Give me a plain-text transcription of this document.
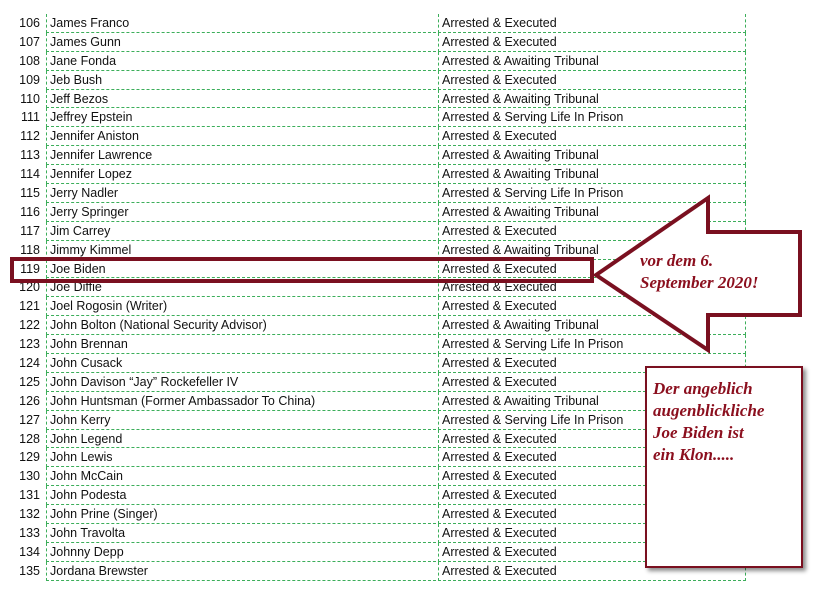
106 James Franco	Arrested & Executed
107 James Gunn	Arrested & Executed
108 Jane Fonda	Arrested & Awaiting Tribunal
109 Jeb Bush	Arrested & Executed
110 Jeff Bezos	Arrested & Awaiting Tribunal
111 Jeffrey Epstein	Arrested & Serving Life In Prison
112 Jennifer Aniston	Arrested & Executed
113 Jennifer Lawrence	Arrested & Awaiting Tribunal
114 Jennifer Lopez	Arrested & Awaiting Tribunal
115 Jerry Nadler	Arrested & Serving Life In Prison
116 Jerry Springer	Arrested & Awaiting Tribunal
117 Jim Carrey	Arrested & Executed
118 Jimmy Kimmel	Arrested & Awaiting Tribunal
119 Joe Biden	Arrested & Executed
120 Joe Diffie	Arrested & Executed
121 Joel Rogosin (Writer)	Arrested & Executed
122 John Bolton (National Security Advisor)	Arrested & Awaiting Tribunal
123 John Brennan	Arrested & Serving Life In Prison
124 John Cusack	Arrested & Executed
125 John Davison “Jay” Rockefeller IV	Arrested & Executed
126 John Huntsman (Former Ambassador To China)	Arrested & Awaiting Tribunal
127 John Kerry	Arrested & Serving Life In Prison
128 John Legend	Arrested & Executed
129 John Lewis	Arrested & Executed
130 John McCain	Arrested & Executed
131 John Podesta	Arrested & Executed
132 John Prine (Singer)	Arrested & Executed
133 John Travolta	Arrested & Executed
134 Johnny Depp	Arrested & Executed
135 Jordana Brewster	Arrested & Executed
vor dem 6.
September 2020!
Der angeblich
augenblickliche
Joe Biden ist
ein Klon.....
